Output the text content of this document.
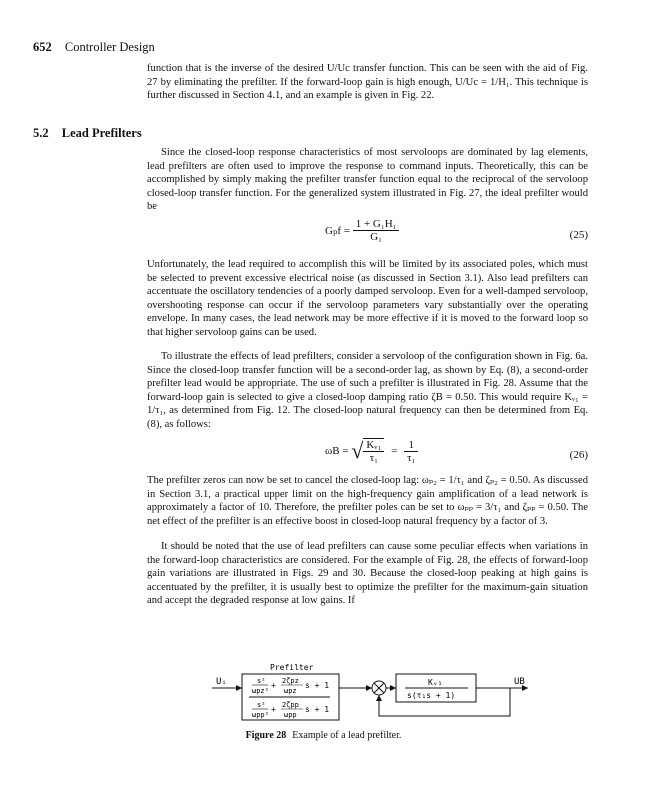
652 Controller Design

function that is the inverse of the desired U/Uc transfer function. This can be seen with the aid of Fig. 27 by eliminating the prefilter. If the forward-loop gain is high enough, U/Uc = 1/H₁. This technique is further discussed in Section 4.1, and an example is given in Fig. 22.

5.2 Lead Prefilters

Since the closed-loop response characteristics of most servoloops are dominated by lag elements, lead prefilters are often used to improve the response to command inputs. Theoretically, this can be accomplished by simply making the prefilter transfer function equal to the reciprocal of the servoloop closed-loop transfer function. For the generalized system illustrated in Fig. 27, the ideal prefilter would be

$G_pf = \frac{\text{1 + G₁H₁}}{\text{G₁}}$	(25)

Unfortunately, the lead required to accomplish this will be limited by its associated poles, which must be selected to prevent excessive electrical noise (as discussed in Section 3.1). Also lead prefilters can accentuate the oscillatory tendencies of a poorly damped servoloop. Even for a well-damped servoloop, overshooting response can occur if the servoloop parameters vary substantially over the operating envelope. In many cases, the lead network may be more effective if it is moved to the forward loop so that higher servoloop gains can be used.

To illustrate the effects of lead prefilters, consider a servoloop of the configuration shown in Fig. 6a. Since the closed-loop transfer function will be a second-order lag, as shown by Eq. (8), a second-order prefilter lead would be appropriate. The use of such a prefilter is illustrated in Fig. 28. Assume that the forward-loop gain is selected to give a closed-loop damping ratio ζB = 0.50. This would require Kᵥ₁ = 1/τ₁, as determined from Fig. 12. The closed-loop natural frequency can then be determined from Eq. (8), as follows:

ωB = √ $\frac{\text{Kᵥ₁}}{\text{τ₁}} = \frac{1}{\text{τ₁}}$	(26)

The prefilter zeros can now be set to cancel the closed-loop lag: ωₚ₂ = 1/τ₁ and ζₚ₂ = 0.50. As discussed in Section 3.1, a practical upper limit on the high-frequency gain amplification of a lead network is approximately a factor of 10. Therefore, the prefilter poles can be set to ωₚₚ = 3/τ₁ and ζₚₚ = 0.50. The net effect of the prefilter is an effective boost in closed-loop natural frequency by a factor of 3.

It should be noted that the use of lead prefilters can cause some peculiar effects when variations in the forward-loop characteristics are considered. For the example of Fig. 28, the effects of forward-loop gain variations are illustrated in Figs. 29 and 30. Because the closed-loop peaking at high gains is accentuated by the prefilter, it is usually best to optimize the prefilter for the maximum-gain situation and accept the degraded response at low gains. If

Prefilter
Uᵢ	UB
s²
ωpz²
+ 2ζpz
ωpz
s + 1
s²
ωpp²
+ 2ζpp
ωpp
s + 1
Kᵥ₁
s(τ₁s + 1)
Figure 28 Example of a lead prefilter.
